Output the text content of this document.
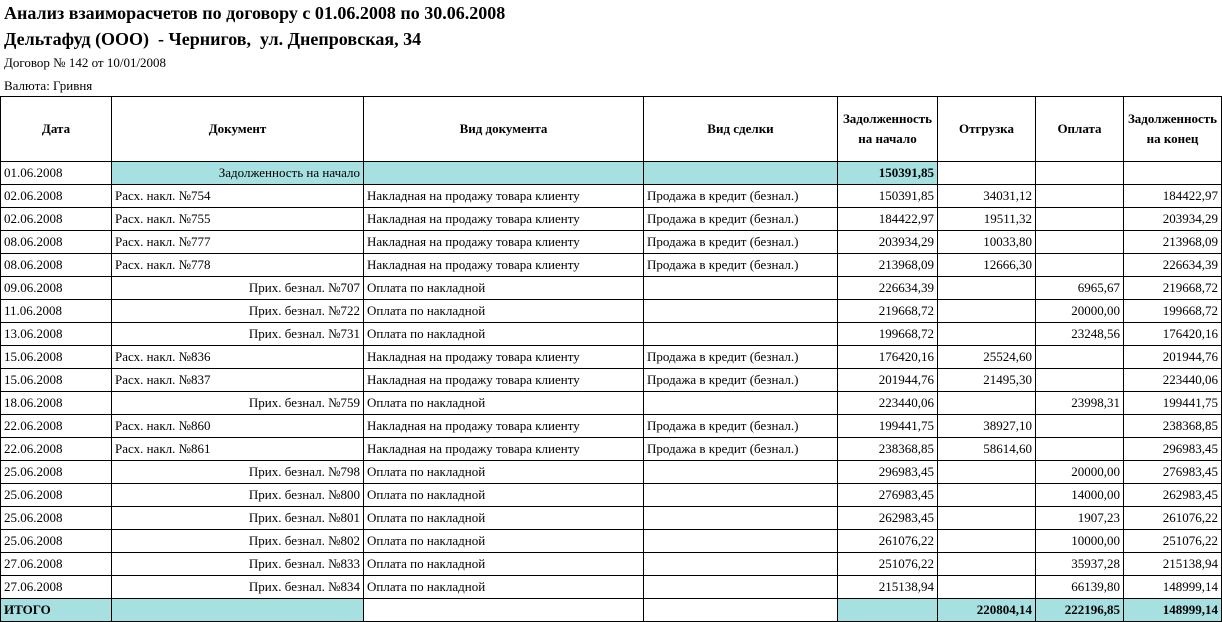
Анализ взаиморасчетов по договору с 01.06.2008 по 30.06.2008
Дельтафуд (ООО)  - Чернигов,  ул. Днепровская, 34
Договор № 142 от 10/01/2008
Валюта: Гривня
Дата	Документ	Вид документа	Вид сделки	Задолженность на начало	Отгрузка	Оплата	Задолженность на конец
01.06.2008	Задолженность на начало			150391,85			
02.06.2008	Расх. накл. №754	Накладная на продажу товара клиенту	Продажа в кредит (безнал.)	150391,85	34031,12		184422,97
02.06.2008	Расх. накл. №755	Накладная на продажу товара клиенту	Продажа в кредит (безнал.)	184422,97	19511,32		203934,29
08.06.2008	Расх. накл. №777	Накладная на продажу товара клиенту	Продажа в кредит (безнал.)	203934,29	10033,80		213968,09
08.06.2008	Расх. накл. №778	Накладная на продажу товара клиенту	Продажа в кредит (безнал.)	213968,09	12666,30		226634,39
09.06.2008	Прих. безнал. №707	Оплата по накладной		226634,39		6965,67	219668,72
11.06.2008	Прих. безнал. №722	Оплата по накладной		219668,72		20000,00	199668,72
13.06.2008	Прих. безнал. №731	Оплата по накладной		199668,72		23248,56	176420,16
15.06.2008	Расх. накл. №836	Накладная на продажу товара клиенту	Продажа в кредит (безнал.)	176420,16	25524,60		201944,76
15.06.2008	Расх. накл. №837	Накладная на продажу товара клиенту	Продажа в кредит (безнал.)	201944,76	21495,30		223440,06
18.06.2008	Прих. безнал. №759	Оплата по накладной		223440,06		23998,31	199441,75
22.06.2008	Расх. накл. №860	Накладная на продажу товара клиенту	Продажа в кредит (безнал.)	199441,75	38927,10		238368,85
22.06.2008	Расх. накл. №861	Накладная на продажу товара клиенту	Продажа в кредит (безнал.)	238368,85	58614,60		296983,45
25.06.2008	Прих. безнал. №798	Оплата по накладной		296983,45		20000,00	276983,45
25.06.2008	Прих. безнал. №800	Оплата по накладной		276983,45		14000,00	262983,45
25.06.2008	Прих. безнал. №801	Оплата по накладной		262983,45		1907,23	261076,22
25.06.2008	Прих. безнал. №802	Оплата по накладной		261076,22		10000,00	251076,22
27.06.2008	Прих. безнал. №833	Оплата по накладной		251076,22		35937,28	215138,94
27.06.2008	Прих. безнал. №834	Оплата по накладной		215138,94		66139,80	148999,14
ИТОГО					220804,14	222196,85	148999,14
